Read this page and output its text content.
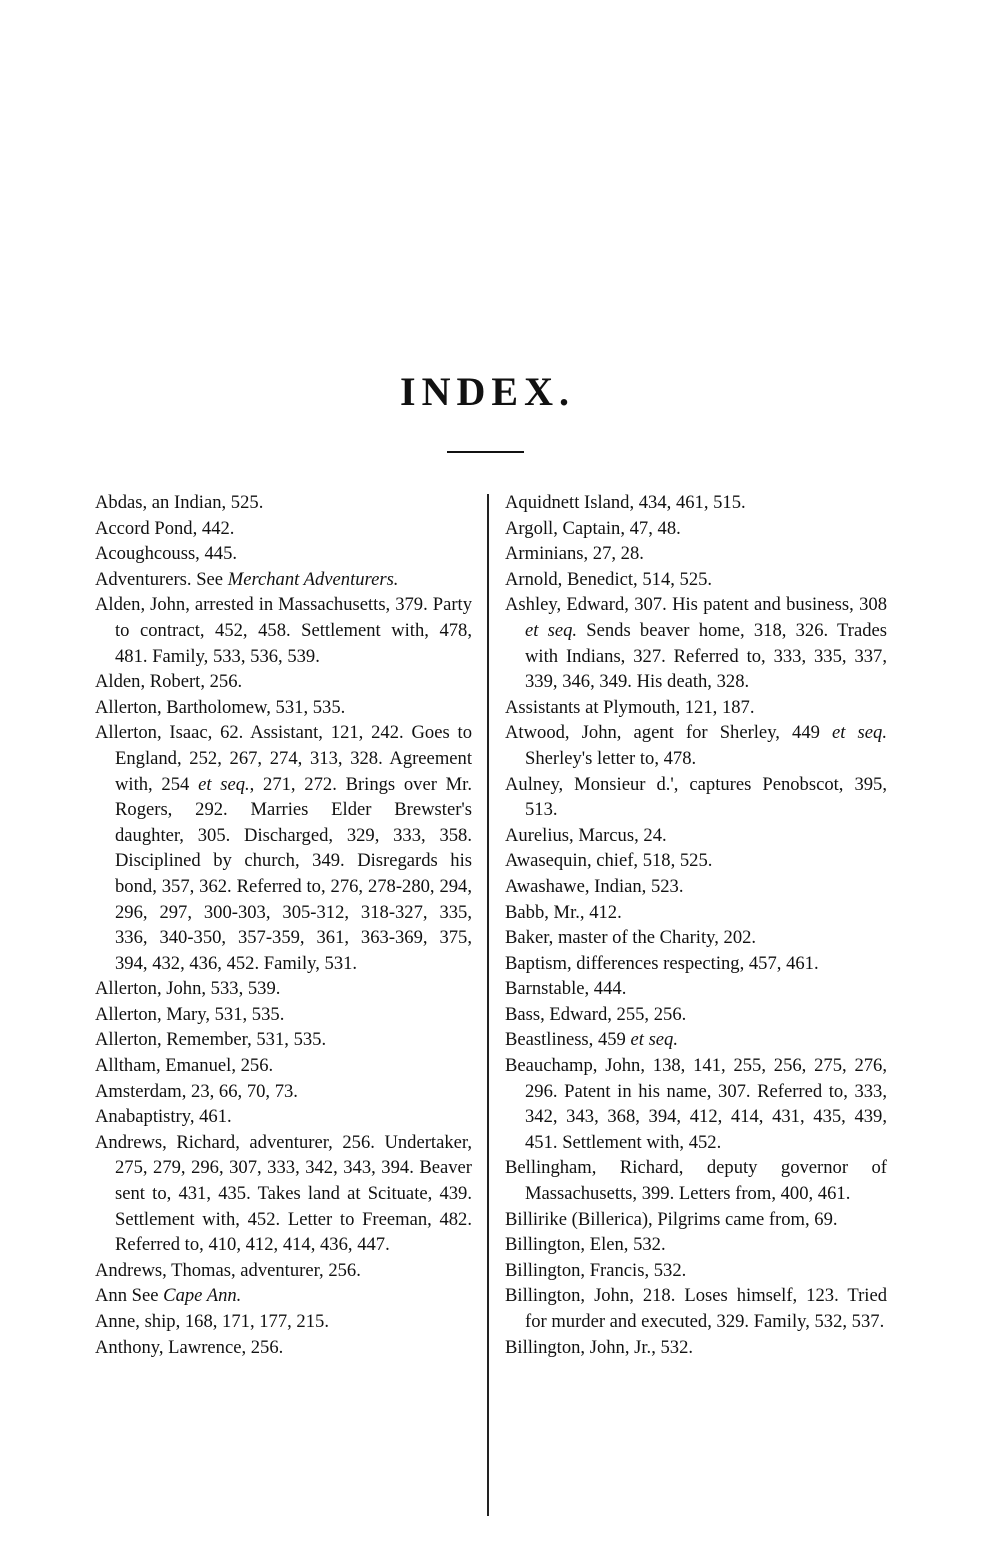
INDEX.

Abdas, an Indian, 525.

Accord Pond, 442.

Acoughcouss, 445.

Adventurers. See Merchant Adventurers.

Alden, John, arrested in Massachusetts, 379. Party to contract, 452, 458. Settlement with, 478, 481. Family, 533, 536, 539.

Alden, Robert, 256.

Allerton, Bartholomew, 531, 535.

Allerton, Isaac, 62. Assistant, 121, 242. Goes to England, 252, 267, 274, 313, 328. Agreement with, 254 et seq., 271, 272. Brings over Mr. Rogers, 292. Marries Elder Brewster's daughter, 305. Discharged, 329, 333, 358. Disciplined by church, 349. Disregards his bond, 357, 362. Referred to, 276, 278-280, 294, 296, 297, 300-303, 305-312, 318-327, 335, 336, 340-350, 357-359, 361, 363-369, 375, 394, 432, 436, 452. Family, 531.

Allerton, John, 533, 539.

Allerton, Mary, 531, 535.

Allerton, Remember, 531, 535.

Alltham, Emanuel, 256.

Amsterdam, 23, 66, 70, 73.

Anabaptistry, 461.

Andrews, Richard, adventurer, 256. Undertaker, 275, 279, 296, 307, 333, 342, 343, 394. Beaver sent to, 431, 435. Takes land at Scituate, 439. Settlement with, 452. Letter to Freeman, 482. Referred to, 410, 412, 414, 436, 447.

Andrews, Thomas, adventurer, 256.

Ann See Cape Ann.

Anne, ship, 168, 171, 177, 215.

Anthony, Lawrence, 256.

Aquidnett Island, 434, 461, 515.

Argoll, Captain, 47, 48.

Arminians, 27, 28.

Arnold, Benedict, 514, 525.

Ashley, Edward, 307. His patent and business, 308 et seq. Sends beaver home, 318, 326. Trades with Indians, 327. Referred to, 333, 335, 337, 339, 346, 349. His death, 328.

Assistants at Plymouth, 121, 187.

Atwood, John, agent for Sherley, 449 et seq. Sherley's letter to, 478.

Aulney, Monsieur d.', captures Penobscot, 395, 513.

Aurelius, Marcus, 24.

Awasequin, chief, 518, 525.

Awashawe, Indian, 523.

Babb, Mr., 412.

Baker, master of the Charity, 202.

Baptism, differences respecting, 457, 461.

Barnstable, 444.

Bass, Edward, 255, 256.

Beastliness, 459 et seq.

Beauchamp, John, 138, 141, 255, 256, 275, 276, 296. Patent in his name, 307. Referred to, 333, 342, 343, 368, 394, 412, 414, 431, 435, 439, 451. Settlement with, 452.

Bellingham, Richard, deputy governor of Massachusetts, 399. Letters from, 400, 461.

Billirike (Billerica), Pilgrims came from, 69.

Billington, Elen, 532.

Billington, Francis, 532.

Billington, John, 218. Loses himself, 123. Tried for murder and executed, 329. Family, 532, 537.

Billington, John, Jr., 532.
